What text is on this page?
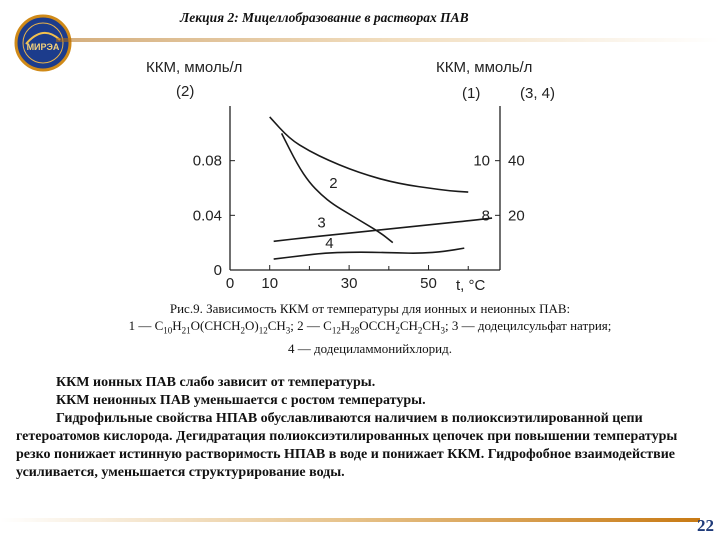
МИРЭА
Лекция 2: Мицеллобразование в растворах ПАВ
ККМ, ммоль/л
(2)
ККМ, ммоль/л
(1)	(3, 4)
t, °C
0 10	30	50
0.08
0.04
0
10 40
8 20
2
3
4
Рис.9. Зависимость ККМ от температуры для ионных и неионных ПАВ:
1 — $C_{10}H_{21}O(CHCH_2O)_{12}CH_3$; 2 — $C_{12}H_{28}OCCH_2CH_2CH_3$; 3 — додецилсульфат натрия;
4 — додециламмонийхлорид.

ККМ ионных ПАВ слабо зависит от температуры.

ККМ неионных ПАВ уменьшается с ростом температуры.

Гидрофильные свойства НПАВ обуславливаются наличием в полиоксиэтилированной цепи гетероатомов кислорода. Дегидратация полиоксиэтилированных цепочек при повышении температуры резко понижает истинную растворимость НПАВ в воде и понижает ККМ. Гидрофобное взаимодействие усиливается, уменьшается структурирование воды.

22
